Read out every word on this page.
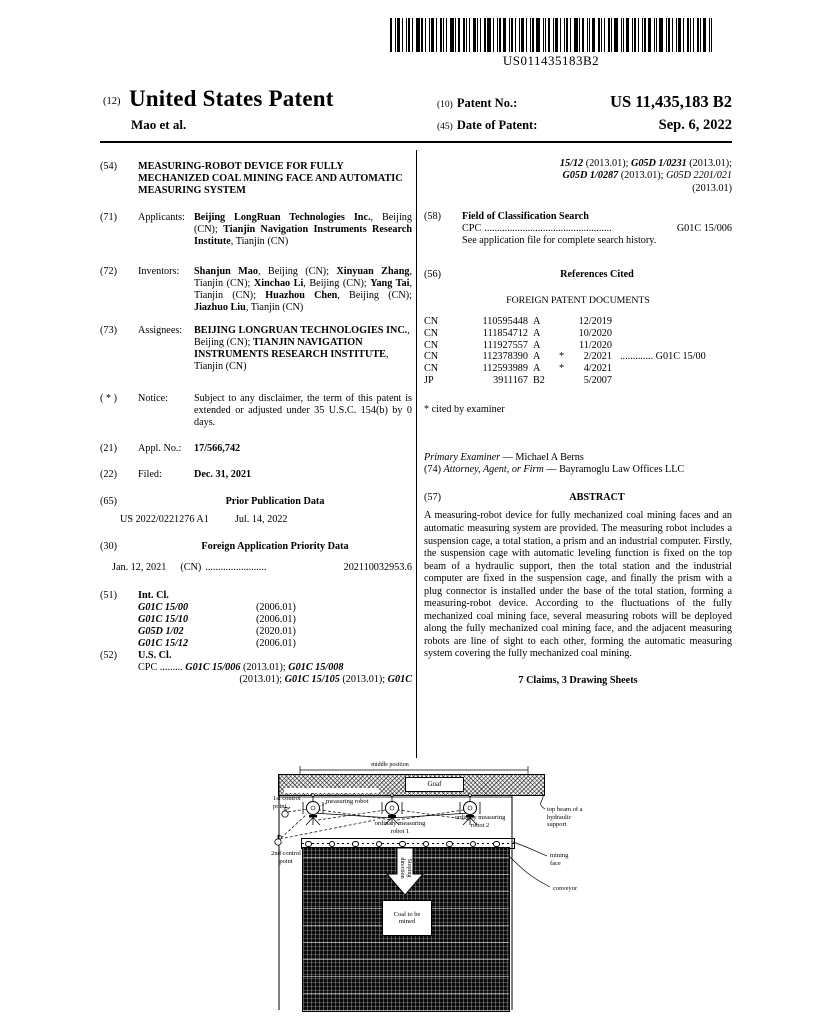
US011435183B2
(12) United States Patent
Mao et al.
(10) Patent No.:	US 11,435,183 B2
(45) Date of Patent:	Sep. 6, 2022
(54)	MEASURING-ROBOT DEVICE FOR FULLY MECHANIZED COAL MINING FACE AND AUTOMATIC MEASURING SYSTEM
(71)	Applicants: Beijing LongRuan Technologies Inc., Beijing (CN); Tianjin Navigation Instruments Research Institute, Tianjin (CN)
(72)	Inventors:	Shanjun Mao, Beijing (CN); Xinyuan Zhang, Tianjin (CN); Xinchao Li, Beijing (CN); Yang Tai, Tianjin (CN); Huazhou Chen, Beijing (CN); Jiazhuo Liu, Tianjin (CN)
(73)	Assignees:	BEIJING LONGRUAN TECHNOLOGIES INC., Beijing (CN); TIANJIN NAVIGATION INSTRUMENTS RESEARCH INSTITUTE, Tianjin (CN)
( * )	Notice:	Subject to any disclaimer, the term of this patent is extended or adjusted under 35 U.S.C. 154(b) by 0 days.
(21)	Appl. No.:	17/566,742
(22)	Filed:	Dec. 31, 2021
(65)	Prior Publication Data
US 2022/0221276 A1	Jul. 14, 2022
(30)	Foreign Application Priority Data
Jan. 12, 2021 (CN) ........................	202110032953.6
(51)	Int. Cl.
G01C 15/00	(2006.01)
G01C 15/10	(2006.01)
G05D 1/02	(2020.01)
G01C 15/12	(2006.01)
(52)	U.S. Cl.
CPC ......... G01C 15/006 (2013.01); G01C 15/008
(2013.01); G01C 15/105 (2013.01); G01C
15/12 (2013.01); G05D 1/0231 (2013.01);
G05D 1/0287 (2013.01); G05D 2201/021
(2013.01)
(58)	Field of Classification Search
CPC ..................................................	G01C 15/006
See application file for complete search history.
(56)	References Cited
FOREIGN PATENT DOCUMENTS
CN	110595448 A	12/2019
CN	111854712 A	10/2020
CN	111927557 A	11/2020
CN	112378390 A	*	2/2021 ............. G01C 15/00
CN	112593989 A	*	4/2021
JP	3911167 B2	5/2007
* cited by examiner
Primary Examiner — Michael A Berns
(74) Attorney, Agent, or Firm — Bayramoglu Law Offices LLC
(57)	ABSTRACT
A measuring-robot device for fully mechanized coal mining faces and an automatic measuring system are provided. The measuring robot includes a suspension cage, a total station, a prism and an industrial computer. Firstly, the suspension cage with automatic leveling function is fixed on the top beam of a hydraulic support, then the total station and the industrial computer are fixed in the suspension cage, and finally the prism with a plug connector is installed under the base of the total station, forming a measuring-robot device. According to the fluctuations of the fully mechanized coal mining face, several measuring robots will be deployed along the fully mechanized coal mining face, and the adjacent measuring robots are line of sight to each other, forming the automatic measuring system covering the fully mechanized coal mining.
7 Claims, 3 Drawing Sheets
Goaf
middle position
1st control point
measuring robot
ordinary measuring robot 1
ordinary measuring robot 2
2nd control point
top beam of a hydraulic support
mining face
conveyor
Stoping direction
Coal to be mined
